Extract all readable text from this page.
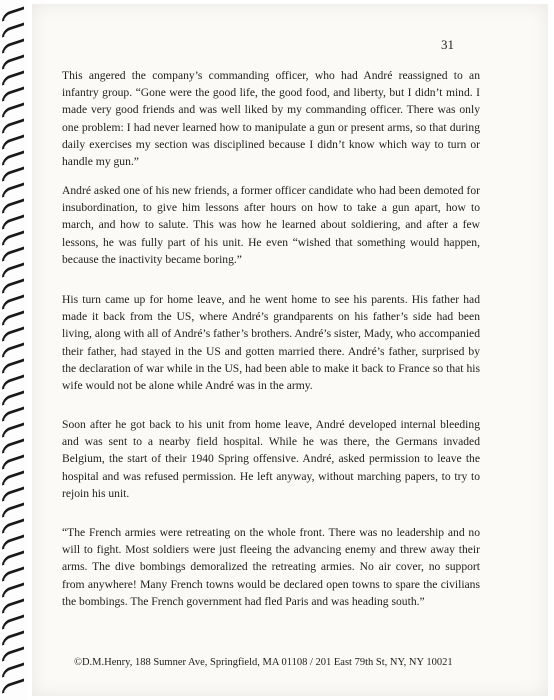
31

This angered the company’s commanding officer, who had André reassigned to an infantry group. “Gone were the good life, the good food, and liberty, but I didn’t mind. I made very good friends and was well liked by my commanding officer. There was only one problem: I had never learned how to manipulate a gun or present arms, so that during daily exercises my section was disciplined because I didn’t know which way to turn or handle my gun.”

André asked one of his new friends, a former officer candidate who had been demoted for insubordination, to give him lessons after hours on how to take a gun apart, how to march, and how to salute. This was how he learned about soldiering, and after a few lessons, he was fully part of his unit. He even “wished that something would happen, because the inactivity became boring.”

His turn came up for home leave, and he went home to see his parents. His father had made it back from the US, where André’s grandparents on his father’s side had been living, along with all of André’s father’s brothers. André’s sister, Mady, who accompanied their father, had stayed in the US and gotten married there. André’s father, surprised by the declaration of war while in the US, had been able to make it back to France so that his wife would not be alone while André was in the army.

Soon after he got back to his unit from home leave, André developed internal bleeding and was sent to a nearby field hospital. While he was there, the Germans invaded Belgium, the start of their 1940 Spring offensive. André, asked permission to leave the hospital and was refused permission. He left anyway, without marching papers, to try to rejoin his unit.

“The French armies were retreating on the whole front. There was no leadership and no will to fight. Most soldiers were just fleeing the advancing enemy and threw away their arms. The dive bombings demoralized the retreating armies. No air cover, no support from anywhere! Many French towns would be declared open towns to spare the civilians the bombings. The French government had fled Paris and was heading south.”

©D.M.Henry, 188 Sumner Ave, Springfield, MA 01108 / 201 East 79th St, NY, NY 10021
